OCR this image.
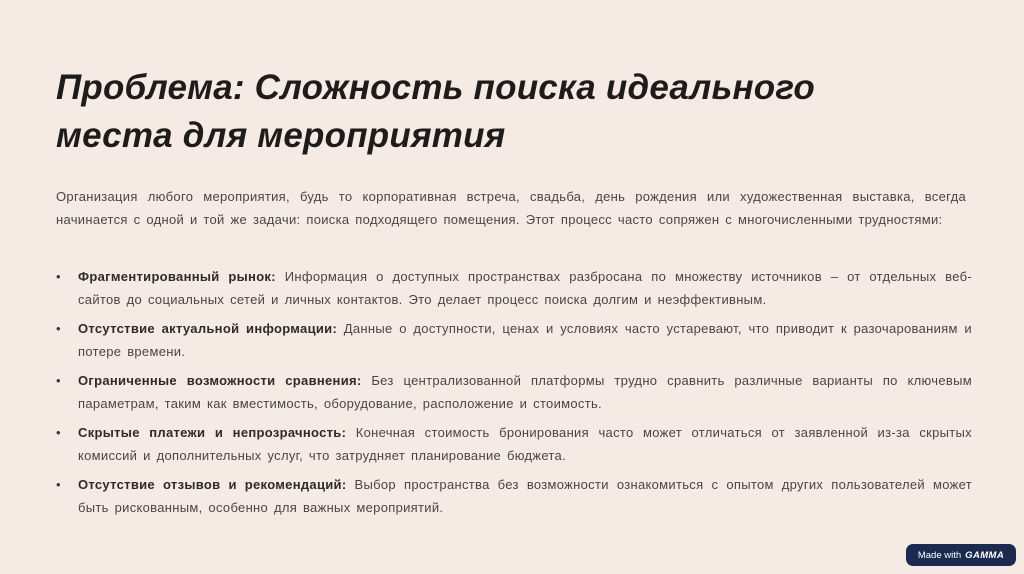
Проблема: Сложность поиска идеального
места для мероприятия

Организация любого мероприятия, будь то корпоративная встреча, свадьба, день рождения или художественная выставка, всегда начинается с одной и той же задачи: поиска подходящего помещения. Этот процесс часто сопряжен с многочисленными трудностями:

•	Фрагментированный рынок: Информация о доступных пространствах разбросана по множеству источников – от отдельных веб-сайтов до социальных сетей и личных контактов. Это делает процесс поиска долгим и неэффективным.
•	Отсутствие актуальной информации: Данные о доступности, ценах и условиях часто устаревают, что приводит к разочарованиям и потере времени.
•	Ограниченные возможности сравнения: Без централизованной платформы трудно сравнить различные варианты по ключевым параметрам, таким как вместимость, оборудование, расположение и стоимость.
•	Скрытые платежи и непрозрачность: Конечная стоимость бронирования часто может отличаться от заявленной из-за скрытых комиссий и дополнительных услуг, что затрудняет планирование бюджета.
•	Отсутствие отзывов и рекомендаций: Выбор пространства без возможности ознакомиться с опытом других пользователей может быть рискованным, особенно для важных мероприятий.
Made with GAMMA
